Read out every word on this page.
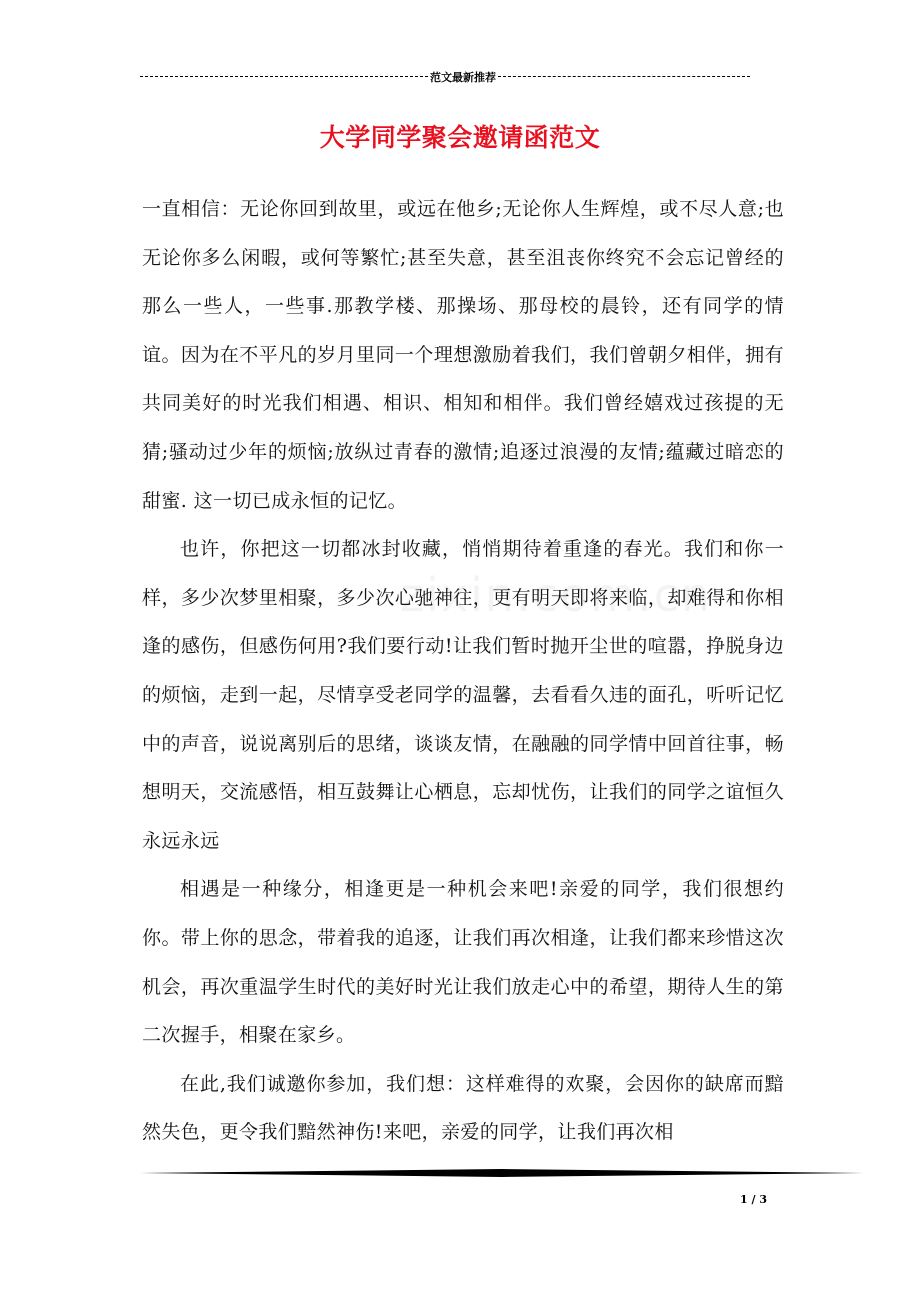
范文最新推荐
大学同学聚会邀请函范文

一直相信：无论你回到故里，或远在他乡;无论你人生辉煌，或不尽人意;也无论你多么闲暇，或何等繁忙;甚至失意，甚至沮丧你终究不会忘记曾经的那么一些人，一些事.那教学楼、那操场、那母校的晨铃，还有同学的情谊。因为在不平凡的岁月里同一个理想激励着我们，我们曾朝夕相伴，拥有共同美好的时光我们相遇、相识、相知和相伴。我们曾经嬉戏过孩提的无猜;骚动过少年的烦恼;放纵过青春的激情;追逐过浪漫的友情;蕴藏过暗恋的甜蜜. 这一切已成永恒的记忆。

也许，你把这一切都冰封收藏，悄悄期待着重逢的春光。我们和你一样，多少次梦里相聚，多少次心驰神往，更有明天即将来临，却难得和你相逢的感伤，但感伤何用?我们要行动!让我们暂时抛开尘世的喧嚣，挣脱身边的烦恼，走到一起，尽情享受老同学的温馨，去看看久违的面孔，听听记忆中的声音，说说离别后的思绪，谈谈友情，在融融的同学情中回首往事，畅想明天，交流感悟，相互鼓舞让心栖息，忘却忧伤，让我们的同学之谊恒久永远永远

相遇是一种缘分，相逢更是一种机会来吧!亲爱的同学，我们很想约你。带上你的思念，带着我的追逐，让我们再次相逢，让我们都来珍惜这次机会，再次重温学生时代的美好时光让我们放走心中的希望，期待人生的第二次握手，相聚在家乡。

在此,我们诚邀你参加，我们想：这样难得的欢聚，会因你的缺席而黯然失色，更令我们黯然神伤!来吧，亲爱的同学，让我们再次相

1 / 3
